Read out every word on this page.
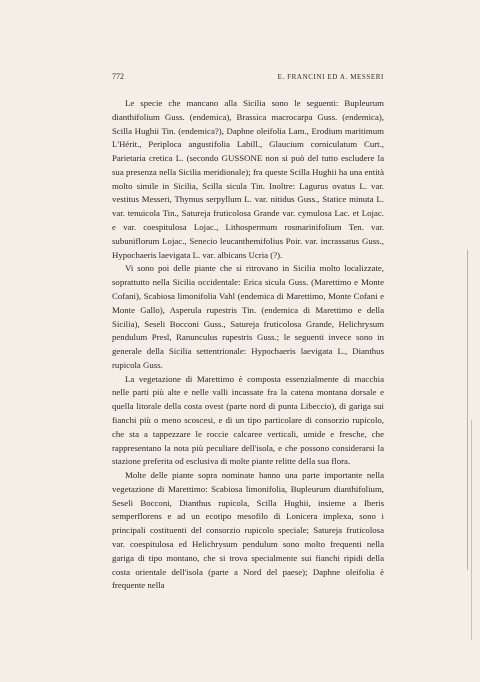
772	E. FRANCINI ED A. MESSERI

Le specie che mancano alla Sicilia sono le seguenti: Bupleurum dianthifolium Guss. (endemica), Brassica macrocarpa Guss. (endemica), Scilla Hughii Tin. (endemica?), Daphne oleifolia Lam., Erodium maritimum L'Hérit., Periploca angustifolia Labill., Glaucium corniculatum Curt., Parietaria cretica L. (secondo GUSSONE non si può del tutto escludere la sua presenza nella Sicilia meridionale); fra queste Scilla Hughii ha una entità molto simile in Sicilia, Scilla sicula Tin. Inoltre: Lagurus ovatus L. var. vestitus Messeri, Thymus serpyllum L. var. nitidus Guss., Statice minuta L. var. tenuicola Tin., Satureja fruticolosa Grande var. cymulosa Lac. et Lojac. e var. coespitulosa Lojac., Lithospermum rosmarinifolium Ten. var. subuniflorum Lojac., Senecio leucanthemifolius Poir. var. incrassatus Guss., Hypochaeris laevigata L. var. albicans Ucria (?).

Vi sono poi delle piante che si ritrovano in Sicilia molto localizzate, soprattutto nella Sicilia occidentale: Erica sicula Guss. (Marettimo e Monte Cofani), Scabiosa limonifolia Vahl (endemica di Marettimo, Monte Cofani e Monte Gallo), Asperula rupestris Tin. (endemica di Marettimo e della Sicilia), Seseli Bocconi Guss., Satureja fruticolosa Grande, Helichrysum pendulum Presl, Ranunculus rupestris Guss.; le seguenti invece sono in generale della Sicilia settentrionale: Hypochaeris laevigata L., Dianthus rupicola Guss.

La vegetazione di Marettimo è composta essenzialmente di macchia nelle parti più alte e nelle valli incassate fra la catena montana dorsale e quella litorale della costa ovest (parte nord di punta Libeccio), di gariga sui fianchi più o meno scoscesi, e di un tipo particolare di consorzio rupicolo, che sta a tappezzare le roccie calcaree verticali, umide e fresche, che rappresentano la nota più peculiare dell'isola, e che possono considerarsi la stazione preferita od esclusiva di molte piante relitte della sua flora.

Molte delle piante sopra nominate hanno una parte importante nella vegetazione di Marettimo: Scabiosa limonifolia, Bupleurum dianthifolium, Seseli Bocconi, Dianthus rupicola, Scilla Hughii, insieme a Iberis semperflorens e ad un ecotipo mesofilo di Lonicera implexa, sono i principali costituenti del consorzio rupicolo speciale; Satureja fruticolosa var. coespitulosa ed Helichrysum pendulum sono molto frequenti nella gariga di tipo montano, che si trova specialmente sui fianchi ripidi della costa orientale dell'isola (parte a Nord del paese); Daphne oleifolia è frequente nella
